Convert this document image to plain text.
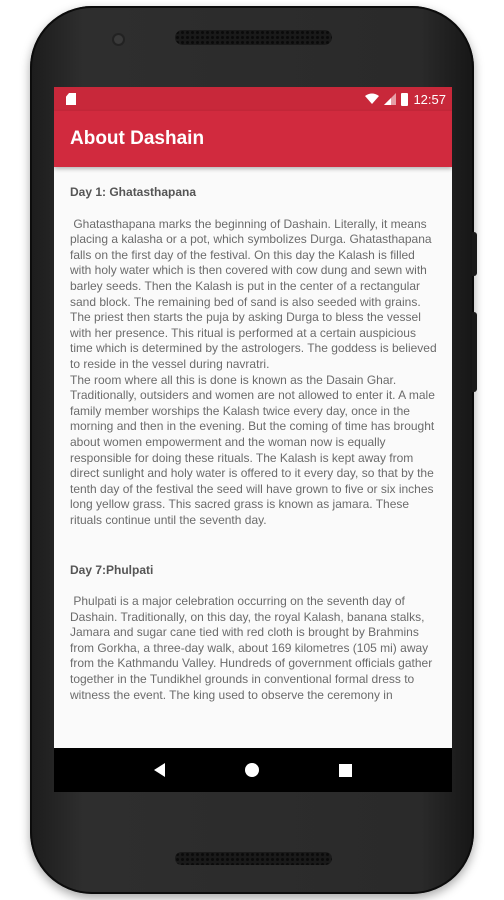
12:57
About Dashain

Day 1: Ghatasthapana

Ghatasthapana marks the beginning of Dashain. Literally, it means placing a kalasha or a pot, which symbolizes Durga. Ghatasthapana falls on the first day of the festival. On this day the Kalash is filled with holy water which is then covered with cow dung and sewn with barley seeds. Then the Kalash is put in the center of a rectangular sand block. The remaining bed of sand is also seeded with grains. The priest then starts the puja by asking Durga to bless the vessel with her presence. This ritual is performed at a certain auspicious time which is determined by the astrologers. The goddess is believed to reside in the vessel during navratri.
The room where all this is done is known as the Dasain Ghar. Traditionally, outsiders and women are not allowed to enter it. A male family member worships the Kalash twice every day, once in the morning and then in the evening. But the coming of time has brought about women empowerment and the woman now is equally responsible for doing these rituals. The Kalash is kept away from direct sunlight and holy water is offered to it every day, so that by the tenth day of the festival the seed will have grown to five or six inches long yellow grass. This sacred grass is known as jamara. These rituals continue until the seventh day.

Day 7:Phulpati

Phulpati is a major celebration occurring on the seventh day of Dashain. Traditionally, on this day, the royal Kalash, banana stalks, Jamara and sugar cane tied with red cloth is brought by Brahmins from Gorkha, a three-day walk, about 169 kilometres (105 mi) away from the Kathmandu Valley. Hundreds of government officials gather together in the Tundikhel grounds in conventional formal dress to witness the event. The king used to observe the ceremony in
